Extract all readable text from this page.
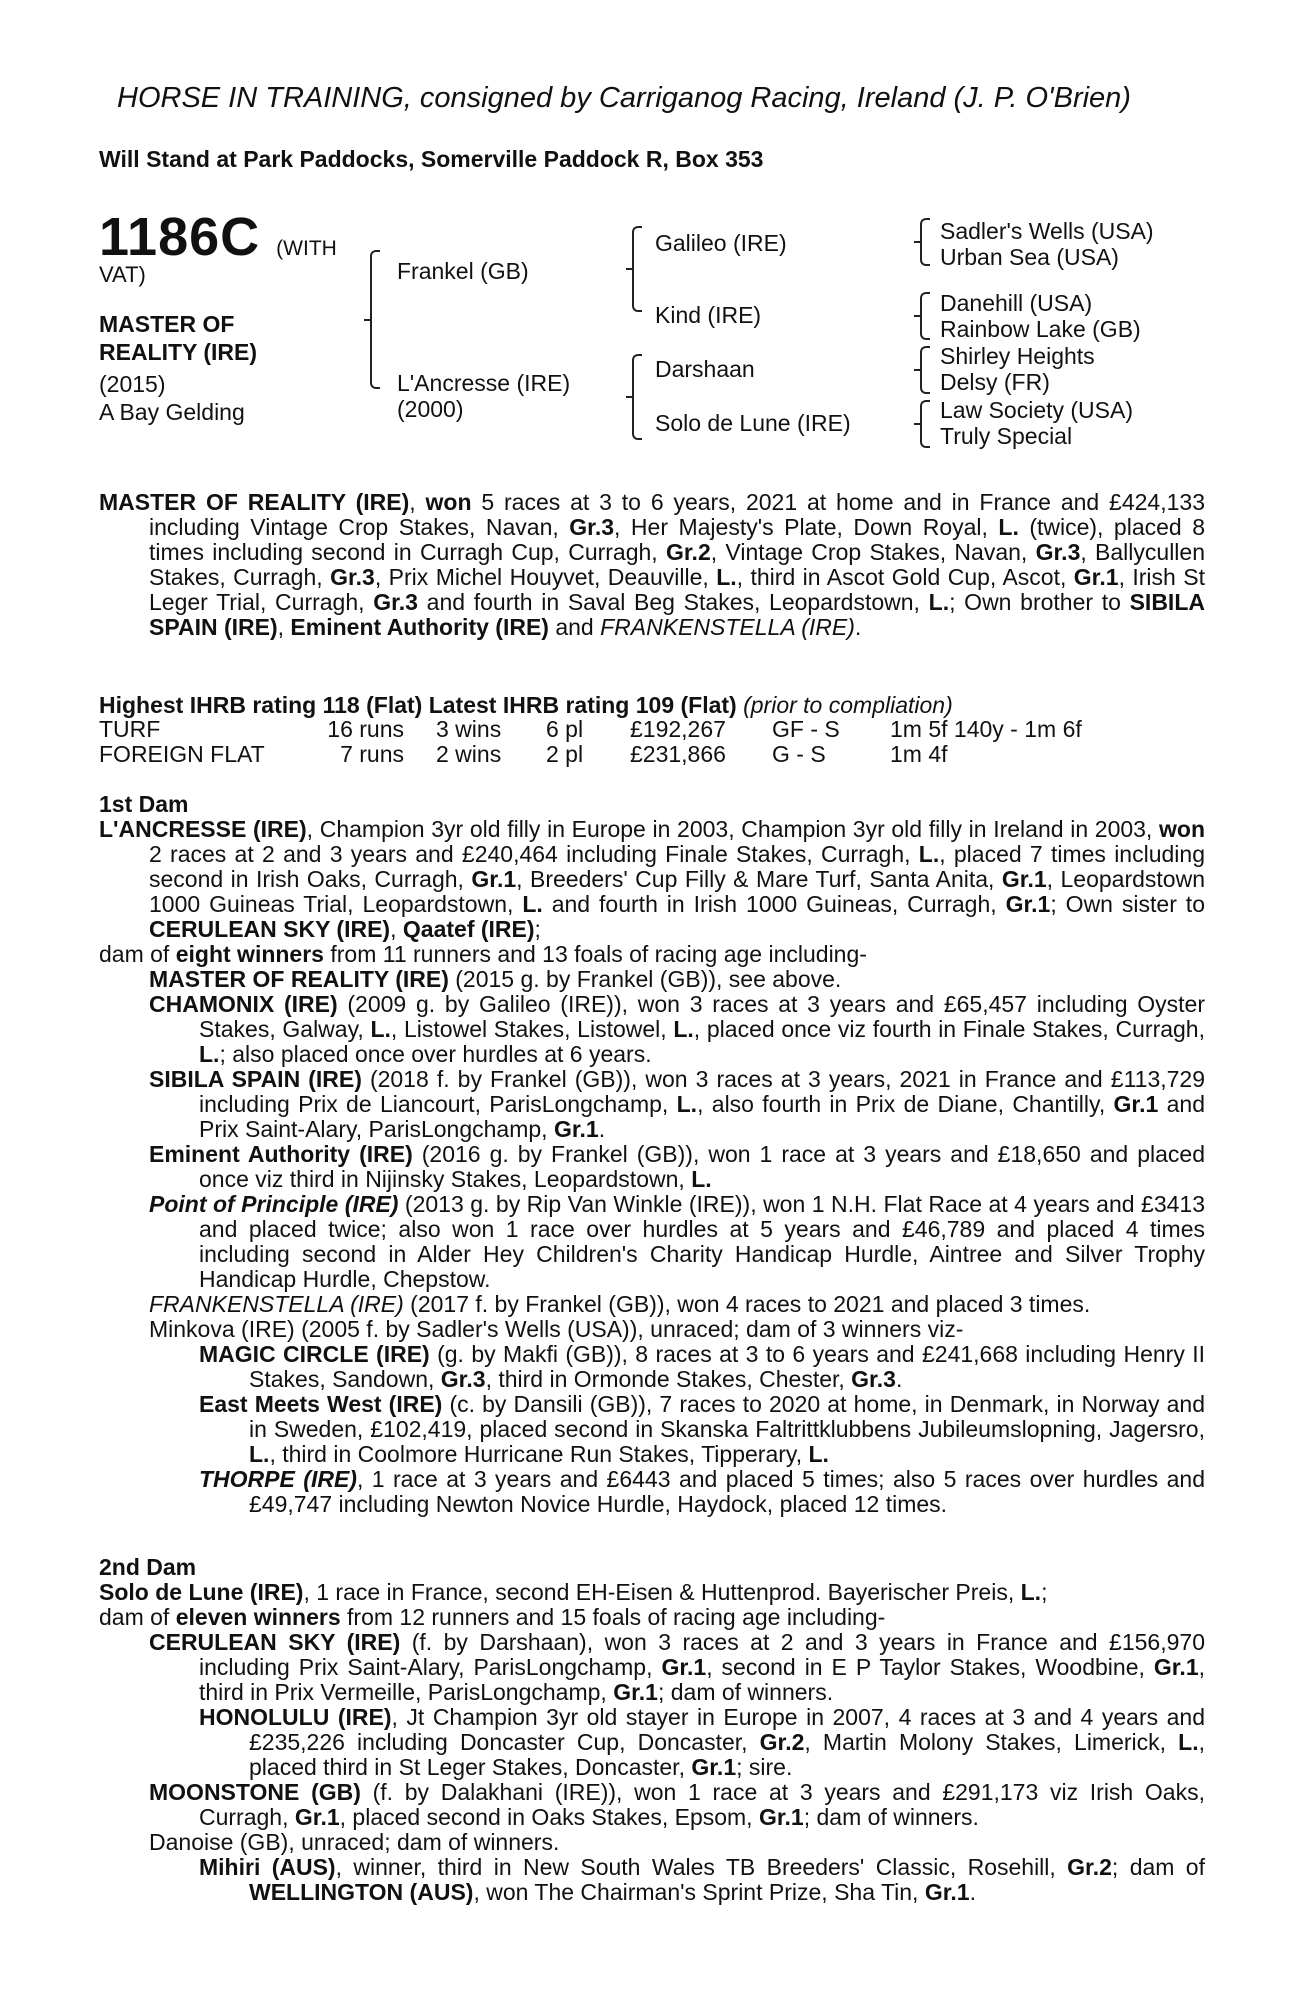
HORSE IN TRAINING, consigned by Carriganog Racing, Ireland (J. P. O'Brien)
Will Stand at Park Paddocks, Somerville Paddock R, Box 353
1186C (WITH
VAT)
MASTER OF
REALITY (IRE)
(2015)
A Bay Gelding
Frankel (GB)
L'Ancresse (IRE)
(2000)
Galileo (IRE)
Kind (IRE)
Darshaan
Solo de Lune (IRE)
Sadler's Wells (USA)
Urban Sea (USA)
Danehill (USA)
Rainbow Lake (GB)
Shirley Heights
Delsy (FR)
Law Society (USA)
Truly Special

MASTER OF REALITY (IRE), won 5 races at 3 to 6 years, 2021 at home and in France and £424,133 including Vintage Crop Stakes, Navan, Gr.3, Her Majesty's Plate, Down Royal, L. (twice), placed 8 times including second in Curragh Cup, Curragh, Gr.2, Vintage Crop Stakes, Navan, Gr.3, Ballycullen Stakes, Curragh, Gr.3, Prix Michel Houyvet, Deauville, L., third in Ascot Gold Cup, Ascot, Gr.1, Irish St Leger Trial, Curragh, Gr.3 and fourth in Saval Beg Stakes, Leopardstown, L.; Own brother to SIBILA SPAIN (IRE), Eminent Authority (IRE) and FRANKENSTELLA (IRE).

Highest IHRB rating 118 (Flat) Latest IHRB rating 109 (Flat) (prior to compliation)
TURF	16 runs	3 wins	6 pl	£192,267	GF - S	1m 5f 140y - 1m 6f
FOREIGN FLAT	7 runs	2 wins	2 pl	£231,866	G - S	1m 4f
1st Dam

L'ANCRESSE (IRE), Champion 3yr old filly in Europe in 2003, Champion 3yr old filly in Ireland in 2003, won 2 races at 2 and 3 years and £240,464 including Finale Stakes, Curragh, L., placed 7 times including second in Irish Oaks, Curragh, Gr.1, Breeders' Cup Filly & Mare Turf, Santa Anita, Gr.1, Leopardstown 1000 Guineas Trial, Leopardstown, L. and fourth in Irish 1000 Guineas, Curragh, Gr.1; Own sister to CERULEAN SKY (IRE), Qaatef (IRE);

dam of eight winners from 11 runners and 13 foals of racing age including-

MASTER OF REALITY (IRE) (2015 g. by Frankel (GB)), see above.

CHAMONIX (IRE) (2009 g. by Galileo (IRE)), won 3 races at 3 years and £65,457 including Oyster Stakes, Galway, L., Listowel Stakes, Listowel, L., placed once viz fourth in Finale Stakes, Curragh, L.; also placed once over hurdles at 6 years.

SIBILA SPAIN (IRE) (2018 f. by Frankel (GB)), won 3 races at 3 years, 2021 in France and £113,729 including Prix de Liancourt, ParisLongchamp, L., also fourth in Prix de Diane, Chantilly, Gr.1 and Prix Saint-Alary, ParisLongchamp, Gr.1.

Eminent Authority (IRE) (2016 g. by Frankel (GB)), won 1 race at 3 years and £18,650 and placed once viz third in Nijinsky Stakes, Leopardstown, L.

Point of Principle (IRE) (2013 g. by Rip Van Winkle (IRE)), won 1 N.H. Flat Race at 4 years and £3413 and placed twice; also won 1 race over hurdles at 5 years and £46,789 and placed 4 times including second in Alder Hey Children's Charity Handicap Hurdle, Aintree and Silver Trophy Handicap Hurdle, Chepstow.

FRANKENSTELLA (IRE) (2017 f. by Frankel (GB)), won 4 races to 2021 and placed 3 times.

Minkova (IRE) (2005 f. by Sadler's Wells (USA)), unraced; dam of 3 winners viz-

MAGIC CIRCLE (IRE) (g. by Makfi (GB)), 8 races at 3 to 6 years and £241,668 including Henry II Stakes, Sandown, Gr.3, third in Ormonde Stakes, Chester, Gr.3.

East Meets West (IRE) (c. by Dansili (GB)), 7 races to 2020 at home, in Denmark, in Norway and in Sweden, £102,419, placed second in Skanska Faltrittklubbens Jubileumslopning, Jagersro, L., third in Coolmore Hurricane Run Stakes, Tipperary, L.

THORPE (IRE), 1 race at 3 years and £6443 and placed 5 times; also 5 races over hurdles and £49,747 including Newton Novice Hurdle, Haydock, placed 12 times.

2nd Dam

Solo de Lune (IRE), 1 race in France, second EH-Eisen & Huttenprod. Bayerischer Preis, L.;

dam of eleven winners from 12 runners and 15 foals of racing age including-

CERULEAN SKY (IRE) (f. by Darshaan), won 3 races at 2 and 3 years in France and £156,970 including Prix Saint-Alary, ParisLongchamp, Gr.1, second in E P Taylor Stakes, Woodbine, Gr.1, third in Prix Vermeille, ParisLongchamp, Gr.1; dam of winners.

HONOLULU (IRE), Jt Champion 3yr old stayer in Europe in 2007, 4 races at 3 and 4 years and £235,226 including Doncaster Cup, Doncaster, Gr.2, Martin Molony Stakes, Limerick, L., placed third in St Leger Stakes, Doncaster, Gr.1; sire.

MOONSTONE (GB) (f. by Dalakhani (IRE)), won 1 race at 3 years and £291,173 viz Irish Oaks, Curragh, Gr.1, placed second in Oaks Stakes, Epsom, Gr.1; dam of winners.

Danoise (GB), unraced; dam of winners.

Mihiri (AUS), winner, third in New South Wales TB Breeders' Classic, Rosehill, Gr.2; dam of WELLINGTON (AUS), won The Chairman's Sprint Prize, Sha Tin, Gr.1.
